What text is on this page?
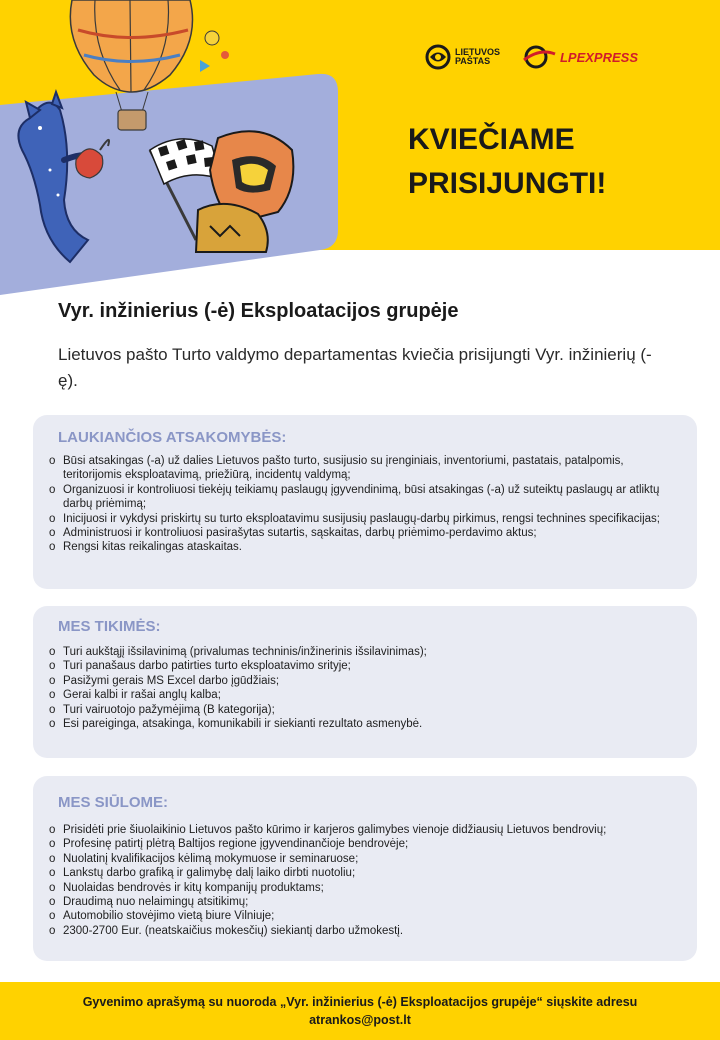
LIETUVOS
PAŠTAS	LPEXPRESS
KVIEČIAME
PRISIJUNGTI!
Vyr. inžinierius (-ė) Eksploatacijos grupėje

Lietuvos pašto Turto valdymo departamentas kviečia prisijungti Vyr. inžinierių (-ę).

LAUKIANČIOS ATSAKOMYBĖS:
o Būsi atsakingas (-a) už dalies Lietuvos pašto turto, susijusio su įrenginiais, inventoriumi, pastatais, patalpomis, teritorijomis eksploatavimą, priežiūrą, incidentų valdymą;
o Organizuosi ir kontroliuosi tiekėjų teikiamų paslaugų įgyvendinimą, būsi atsakingas (-a) už suteiktų paslaugų ar atliktų darbų priėmimą;
o Inicijuosi ir vykdysi priskirtų su turto eksploatavimu susijusių paslaugų-darbų pirkimus, rengsi technines specifikacijas;
o Administruosi ir kontroliuosi pasirašytas sutartis, sąskaitas, darbų priėmimo-perdavimo aktus;
o Rengsi kitas reikalingas ataskaitas.
MES TIKIMĖS:
o Turi aukštąjį išsilavinimą (privalumas techninis/inžinerinis išsilavinimas);
o Turi panašaus darbo patirties turto eksploatavimo srityje;
o Pasižymi gerais MS Excel darbo įgūdžiais;
o Gerai kalbi ir rašai anglų kalba;
o Turi vairuotojo pažymėjimą (B kategorija);
o Esi pareiginga, atsakinga, komunikabili ir siekianti rezultato asmenybė.
MES SIŪLOME:
o Prisidėti prie šiuolaikinio Lietuvos pašto kūrimo ir karjeros galimybes vienoje didžiausių Lietuvos bendrovių;
o Profesinę patirtį plėtrą Baltijos regione įgyvendinančioje bendrovėje;
o Nuolatinį kvalifikacijos kėlimą mokymuose ir seminaruose;
o Lankstų darbo grafiką ir galimybę dalį laiko dirbti nuotoliu;
o Nuolaidas bendrovės ir kitų kompanijų produktams;
o Draudimą nuo nelaimingų atsitikimų;
o Automobilio stovėjimo vietą biure Vilniuje;
o 2300-2700 Eur. (neatskaičius mokesčių) siekiantį darbo užmokestį.

Gyvenimo aprašymą su nuoroda „Vyr. inžinierius (-ė) Eksploatacijos grupėje“ siųskite adresu

atrankos@post.lt
